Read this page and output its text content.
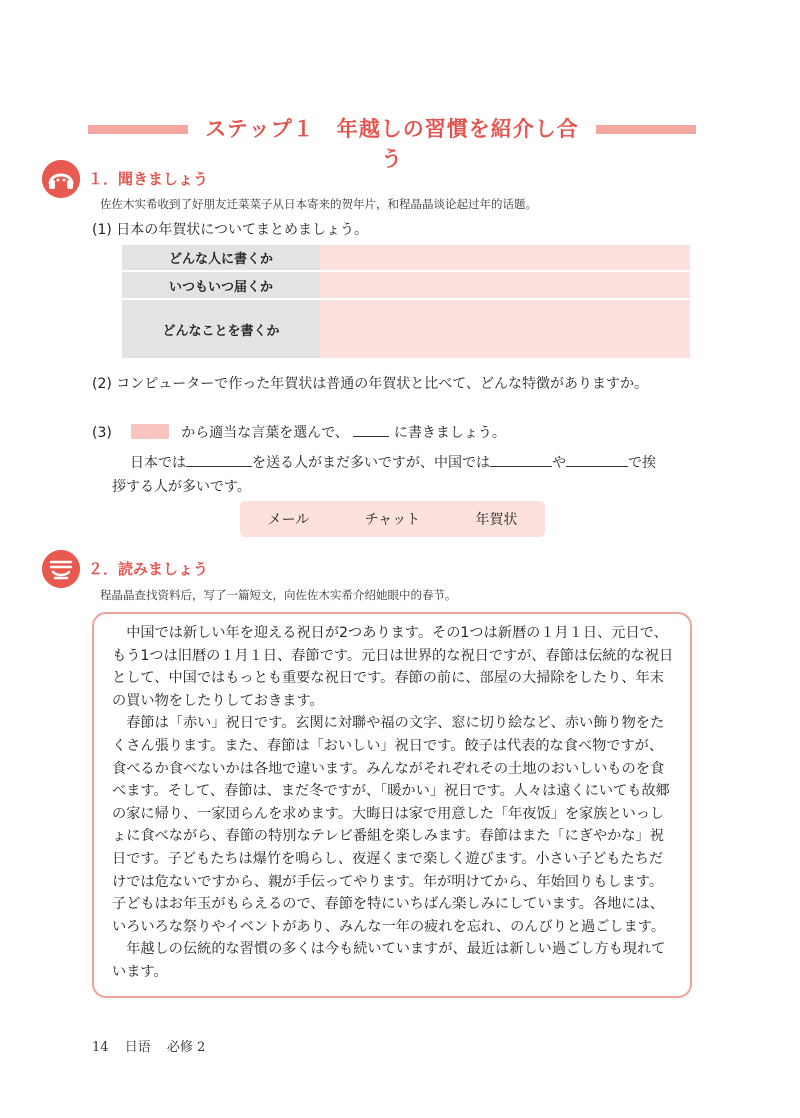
ステップ１　年越しの習慣を紹介し合う
１．聞きましょう
佐佐木实希收到了好朋友迁菜菜子从日本寄来的贺年片，和程晶晶谈论起过年的话题。
(1) 日本の年賀状についてまとめましょう。
どんな人に書くか	
いつもいつ届くか	
どんなことを書くか	
(2) コンピューターで作った年賀状は普通の年賀状と比べて、どんな特徴がありますか。
(3)	から適当な言葉を選んで、	に書きましょう。
日本では	を送る人がまだ多いですが、中国では	や	で挨
拶する人が多いです。
メール	チャット	年賀状
２．読みましょう
程晶晶查找资料后，写了一篇短文，向佐佐木实希介绍她眼中的春节。

中国では新しい年を迎える祝日が2つあります。その1つは新暦の１月１日、元日で、もう1つは旧暦の１月１日、春節です。元日は世界的な祝日ですが、春節は伝統的な祝日として、中国ではもっとも重要な祝日です。春節の前に、部屋の大掃除をしたり、年末の買い物をしたりしておきます。

春節は「赤い」祝日です。玄関に対聯や福の文字、窓に切り絵など、赤い飾り物をたくさん張ります。また、春節は「おいしい」祝日です。餃子は代表的な食べ物ですが、食べるか食べないかは各地で違います。みんながそれぞれその土地のおいしいものを食べます。そして、春節は、まだ冬ですが、「暖かい」祝日です。人々は遠くにいても故郷の家に帰り、一家団らんを求めます。大晦日は家で用意した「年夜饭」を家族といっしょに食べながら、春節の特別なテレビ番組を楽しみます。春節はまた「にぎやかな」祝日です。子どもたちは爆竹を鳴らし、夜遅くまで楽しく遊びます。小さい子どもたちだけでは危ないですから、親が手伝ってやります。年が明けてから、年始回りもします。子どもはお年玉がもらえるので、春節を特にいちばん楽しみにしています。各地には、いろいろな祭りやイベントがあり、みんな一年の疲れを忘れ、のんびりと過ごします。

年越しの伝統的な習慣の多くは今も続いていますが、最近は新しい過ごし方も現れています。

14 日语 必修 2
